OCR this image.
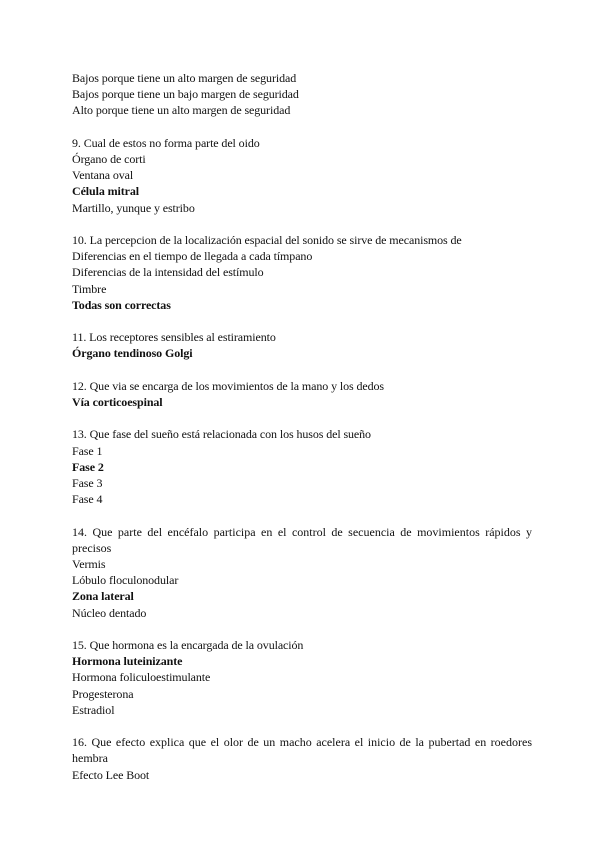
Bajos porque tiene un alto margen de seguridad
Bajos porque tiene un bajo margen de seguridad
Alto porque tiene un alto margen de seguridad
9. Cual de estos no forma parte del oido
Órgano de corti
Ventana oval
Célula mitral
Martillo, yunque y estribo
10. La percepcion de la localización espacial del sonido se sirve de mecanismos de
Diferencias en el tiempo de llegada a cada tímpano
Diferencias de la intensidad del estímulo
Timbre
Todas son correctas
11. Los receptores sensibles al estiramiento
Órgano tendinoso Golgi
12. Que via se encarga de los movimientos de la mano y los dedos
Vía corticoespinal
13. Que fase del sueño está relacionada con los husos del sueño
Fase 1
Fase 2
Fase 3
Fase 4
14. Que parte del encéfalo participa en el control de secuencia de movimientos rápidos y precisos
Vermis
Lóbulo floculonodular
Zona lateral
Núcleo dentado
15. Que hormona es la encargada de la ovulación
Hormona luteinizante
Hormona foliculoestimulante
Progesterona
Estradiol
16. Que efecto explica que el olor de un macho acelera el inicio de la pubertad en roedores hembra
Efecto Lee Boot
